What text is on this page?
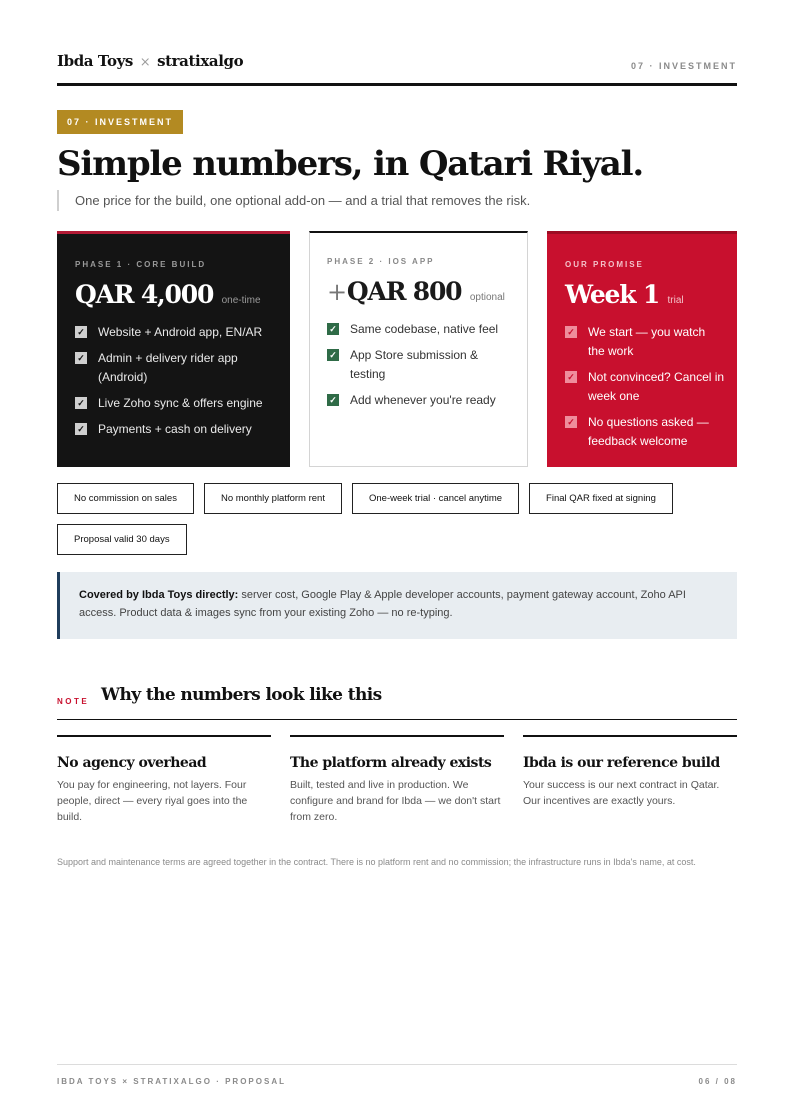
Ibda Toys × stratixalgo	07 · INVESTMENT
07 · INVESTMENT
Simple numbers, in Qatari Riyal.
One price for the build, one optional add-on — and a trial that removes the risk.
PHASE 1 · CORE BUILD
QAR 4,000 one-time
✓ Website + Android app, EN/AR
✓ Admin + delivery rider app (Android)
✓ Live Zoho sync & offers engine
✓ Payments + cash on delivery
PHASE 2 · IOS APP
+QAR 800 optional
✓ Same codebase, native feel
✓ App Store submission & testing
✓ Add whenever you're ready
OUR PROMISE
Week 1 trial
✓ We start — you watch the work
✓ Not convinced? Cancel in week one
✓ No questions asked — feedback welcome
No commission on sales	No monthly platform rent	One-week trial · cancel anytime	Final QAR fixed at signing
Proposal valid 30 days
Covered by Ibda Toys directly: server cost, Google Play & Apple developer accounts, payment gateway account, Zoho API access. Product data & images sync from your existing Zoho — no re-typing.
NOTE Why the numbers look like this
No agency overhead
You pay for engineering, not layers. Four people, direct — every riyal goes into the build.
The platform already exists
Built, tested and live in production. We configure and brand for Ibda — we don't start from zero.
Ibda is our reference build
Your success is our next contract in Qatar. Our incentives are exactly yours.
Support and maintenance terms are agreed together in the contract. There is no platform rent and no commission; the infrastructure runs in Ibda's name, at cost.
IBDA TOYS × STRATIXALGO · PROPOSAL	06 / 08
